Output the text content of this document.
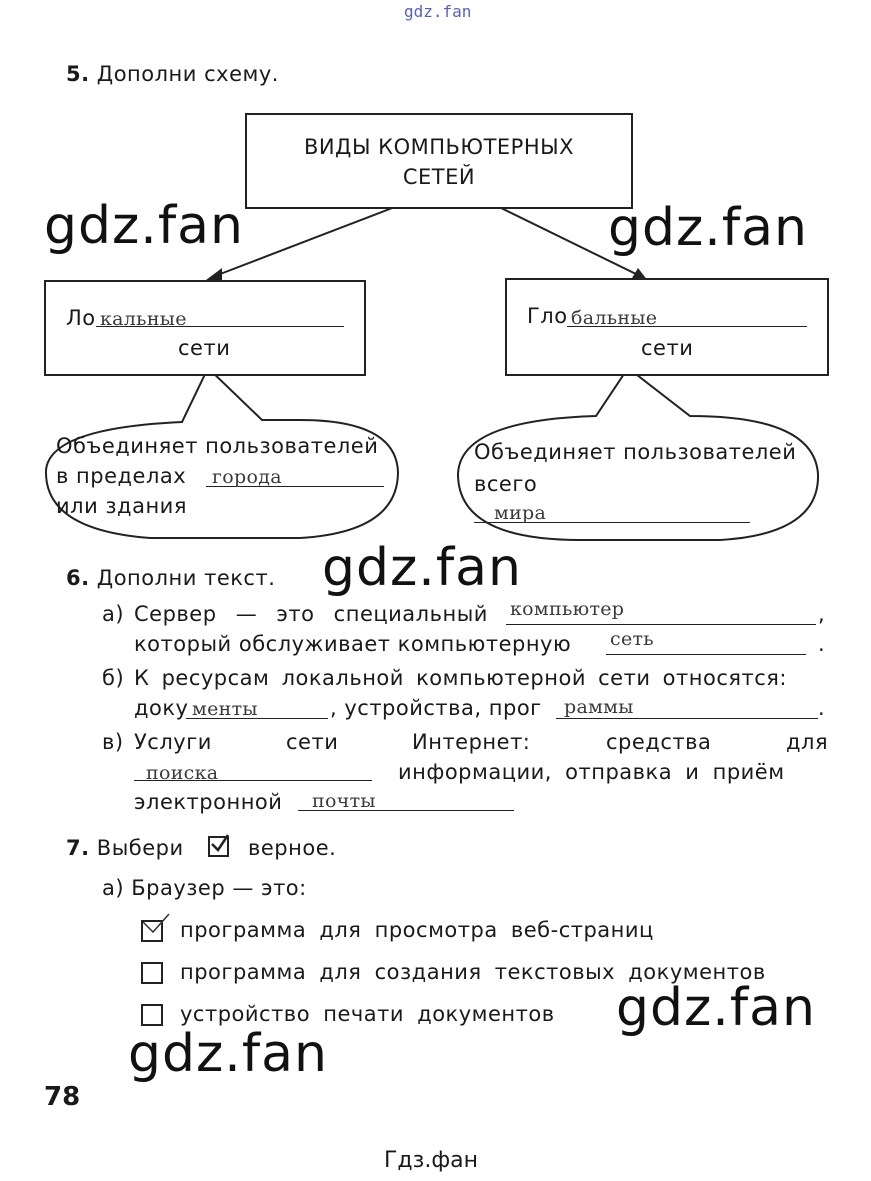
gdz.fan
5. Дополни схему.
ВИДЫ КОМПЬЮТЕРНЫХ
СЕТЕЙ
Ло кальные
сети
Гло бальные
сети
Объединяет пользователей
в пределах города
или здания
Объединяет пользователей
всего
мира
6. Дополни текст.
а) Сервер — это специальный компьютер	,
который обслуживает компьютерную сеть	.
б) К ресурсам локальной компьютерной сети относятся:
доку менты	, устройства, прог раммы	.
в) Услуги	сети	Интернет:	средства	для
поиска	информации, отправка и приём
электронной почты
7. Выбери	верное.
а) Браузер — это:
программа для просмотра веб-страниц
программа для создания текстовых документов
устройство печати документов
gdz.fan	gdz.fan
gdz.fan
gdz.fan
gdz.fan
78
Гдз.фан
